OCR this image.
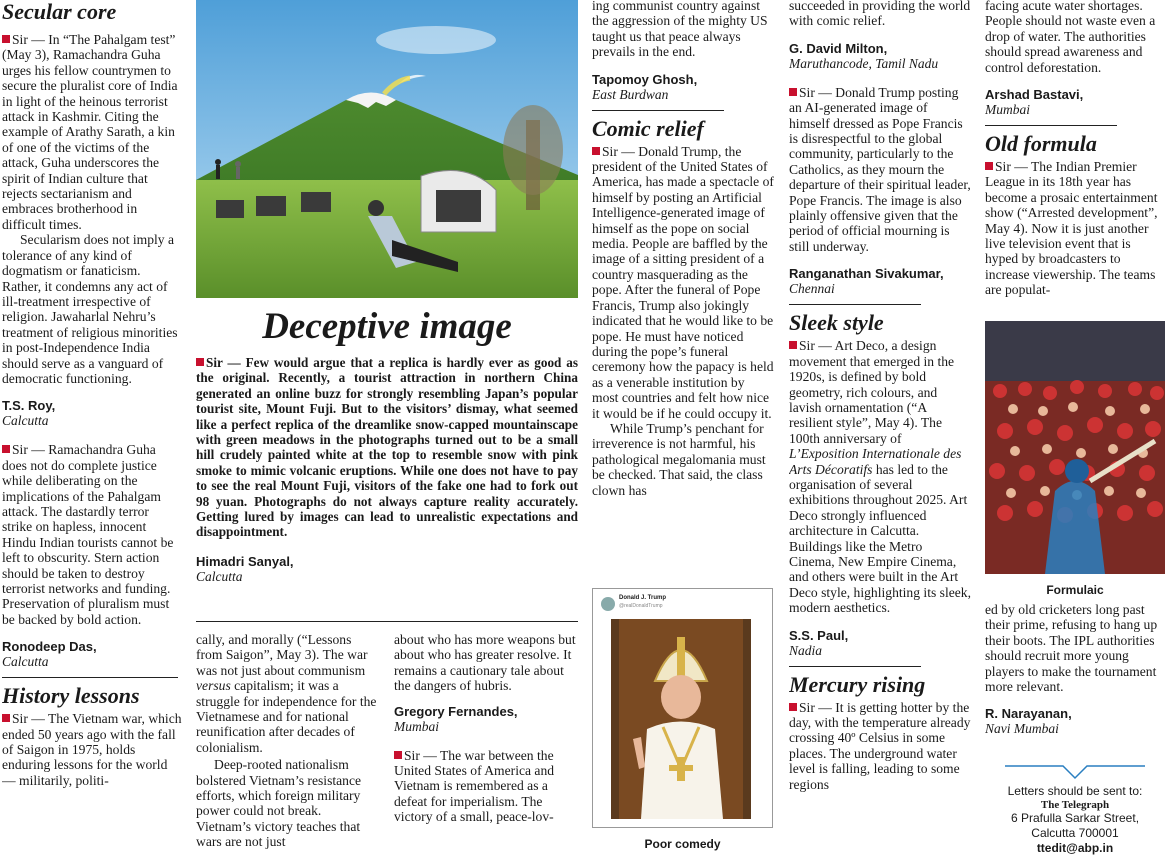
Secular core
Sir — In “The Pahalgam test” (May 3), Ramachandra Guha urges his fellow countrymen to secure the pluralist core of India in light of the heinous terrorist attack in Kashmir. Citing the example of Arathy Sarath, a kin of one of the victims of the attack, Guha underscores the spirit of Indian culture that rejects sectarianism and embraces brotherhood in difficult times.
Secularism does not imply a tolerance of any kind of dogmatism or fanaticism. Rather, it condemns any act of ill-treatment irrespective of religion. Jawaharlal Nehru’s treatment of religious minorities in post-Independence India should serve as a vanguard of democratic functioning.
T.S. Roy,
Calcutta
Sir — Ramachandra Guha does not do complete justice while deliberating on the implications of the Pahalgam attack. The dastardly terror strike on hapless, innocent Hindu Indian tourists cannot be left to obscurity. Stern action should be taken to destroy terrorist networks and funding. Preservation of pluralism must be backed by bold action.
Ronodeep Das,
Calcutta
History lessons
Sir — The Vietnam war, which ended 50 years ago with the fall of Saigon in 1975, holds enduring lessons for the world — militarily, politi-
Deceptive image
Sir — Few would argue that a replica is hardly ever as good as the original. Recently, a tourist attraction in northern China generated an online buzz for strongly resembling Japan’s popular tourist site, Mount Fuji. But to the visitors’ dismay, what seemed like a perfect replica of the dreamlike snow-capped mountainscape with green meadows in the photographs turned out to be a small hill crudely painted white at the top to resemble snow with pink smoke to mimic volcanic eruptions. While one does not have to pay to see the real Mount Fuji, visitors of the fake one had to fork out 98 yuan. Photographs do not always capture reality accurately. Getting lured by images can lead to unrealistic expectations and disappointment.
Himadri Sanyal,
Calcutta
cally, and morally (“Lessons from Saigon”, May 3). The war was not just about communism versus capitalism; it was a struggle for independence for the Vietnamese and for national reunification after decades of colonialism.
Deep-rooted nationalism bolstered Vietnam’s resistance efforts, which foreign military power could not break. Vietnam’s victory teaches that wars are not just
about who has more weapons but about who has greater resolve. It remains a cautionary tale about the dangers of hubris.
Gregory Fernandes,
Mumbai
Sir — The war between the United States of America and Vietnam is remembered as a defeat for imperialism. The victory of a small, peace-lov-
ing communist country against the aggression of the mighty US taught us that peace always prevails in the end.
Tapomoy Ghosh,
East Burdwan
Comic relief
Sir — Donald Trump, the president of the United States of America, has made a spectacle of himself by posting an Artificial Intelligence-generated image of himself as the pope on social media. People are baffled by the image of a sitting president of a country masquerading as the pope. After the funeral of Pope Francis, Trump also jokingly indicated that he would like to be pope. He must have noticed during the pope’s funeral ceremony how the papacy is held as a venerable institution by most countries and felt how nice it would be if he could occupy it.
While Trump’s penchant for irreverence is not harmful, his pathological megalomania must be checked. That said, the class clown has
Donald J. Trump
@realDonaldTrump
Poor comedy
succeeded in providing the world with comic relief.
G. David Milton,
Maruthancode, Tamil Nadu
Sir — Donald Trump posting an AI-generated image of himself dressed as Pope Francis is disrespectful to the global community, particularly to the Catholics, as they mourn the departure of their spiritual leader, Pope Francis. The image is also plainly offensive given that the period of official mourning is still underway.
Ranganathan Sivakumar,
Chennai
Sleek style
Sir — Art Deco, a design movement that emerged in the 1920s, is defined by bold geometry, rich colours, and lavish ornamentation (“A resilient style”, May 4). The 100th anniversary of L’Exposition Internationale des Arts Décoratifs has led to the organisation of several exhibitions throughout 2025. Art Deco strongly influenced architecture in Calcutta. Buildings like the Metro Cinema, New Empire Cinema, and others were built in the Art Deco style, highlighting its sleek, modern aesthetics.
S.S. Paul,
Nadia
Mercury rising
Sir — It is getting hotter by the day, with the temperature already crossing 40º Celsius in some places. The underground water level is falling, leading to some regions
facing acute water shortages. People should not waste even a drop of water. The authorities should spread awareness and control deforestation.
Arshad Bastavi,
Mumbai
Old formula
Sir — The Indian Premier League in its 18th year has become a prosaic entertainment show (“Arrested development”, May 4). Now it is just another live television event that is hyped by broadcasters to increase viewership. The teams are populat-
Formulaic
ed by old cricketers long past their prime, refusing to hang up their boots. The IPL authorities should recruit more young players to make the tournament more relevant.
R. Narayanan,
Navi Mumbai
Letters should be sent to:
The Telegraph
6 Prafulla Sarkar Street,
Calcutta 700001
ttedit@abp.in
